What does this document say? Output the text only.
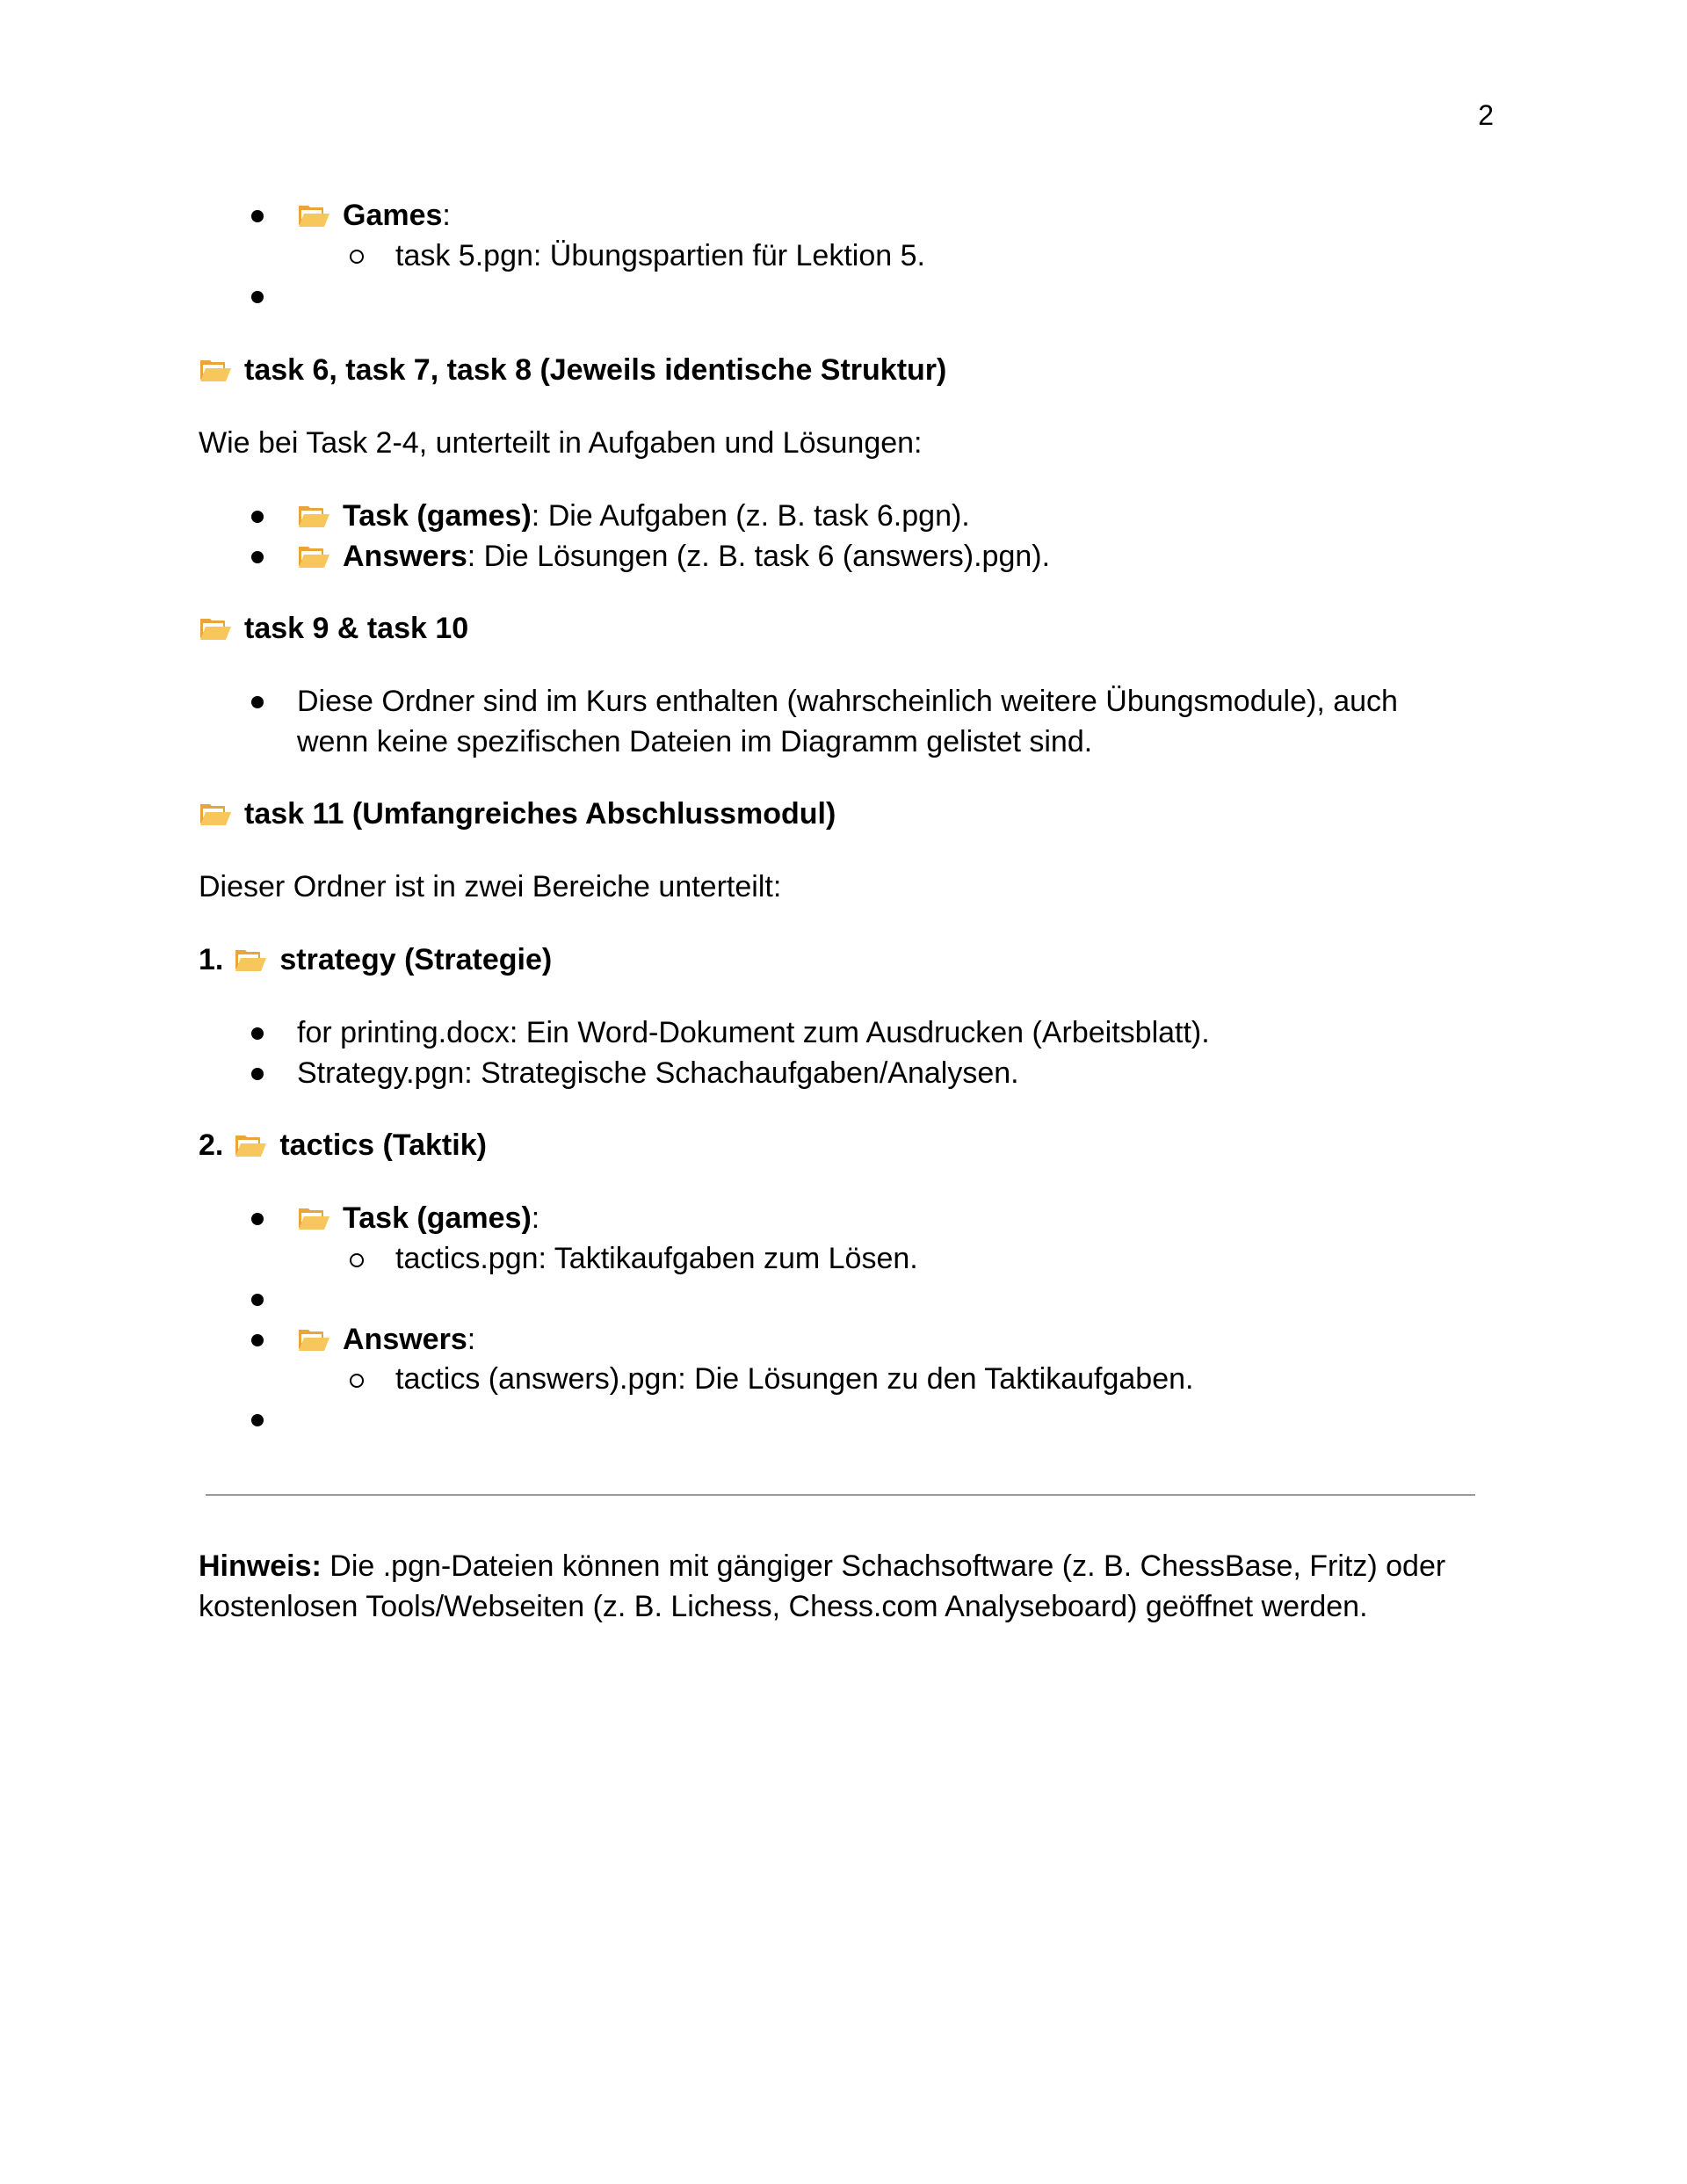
2
Games:
task 5.pgn: Übungspartien für Lektion 5.
task 6, task 7, task 8 (Jeweils identische Struktur)
Wie bei Task 2-4, unterteilt in Aufgaben und Lösungen:
Task (games): Die Aufgaben (z. B. task 6.pgn).
Answers: Die Lösungen (z. B. task 6 (answers).pgn).
task 9 & task 10
Diese Ordner sind im Kurs enthalten (wahrscheinlich weitere Übungsmodule), auch
wenn keine spezifischen Dateien im Diagramm gelistet sind.
task 11 (Umfangreiches Abschlussmodul)
Dieser Ordner ist in zwei Bereiche unterteilt:
1. strategy (Strategie)
for printing.docx: Ein Word-Dokument zum Ausdrucken (Arbeitsblatt).
Strategy.pgn: Strategische Schachaufgaben/Analysen.
2. tactics (Taktik)
Task (games):
tactics.pgn: Taktikaufgaben zum Lösen.
Answers:
tactics (answers).pgn: Die Lösungen zu den Taktikaufgaben.
Hinweis: Die .pgn-Dateien können mit gängiger Schachsoftware (z. B. ChessBase, Fritz) oder
kostenlosen Tools/Webseiten (z. B. Lichess, Chess.com Analyseboard) geöffnet werden.
